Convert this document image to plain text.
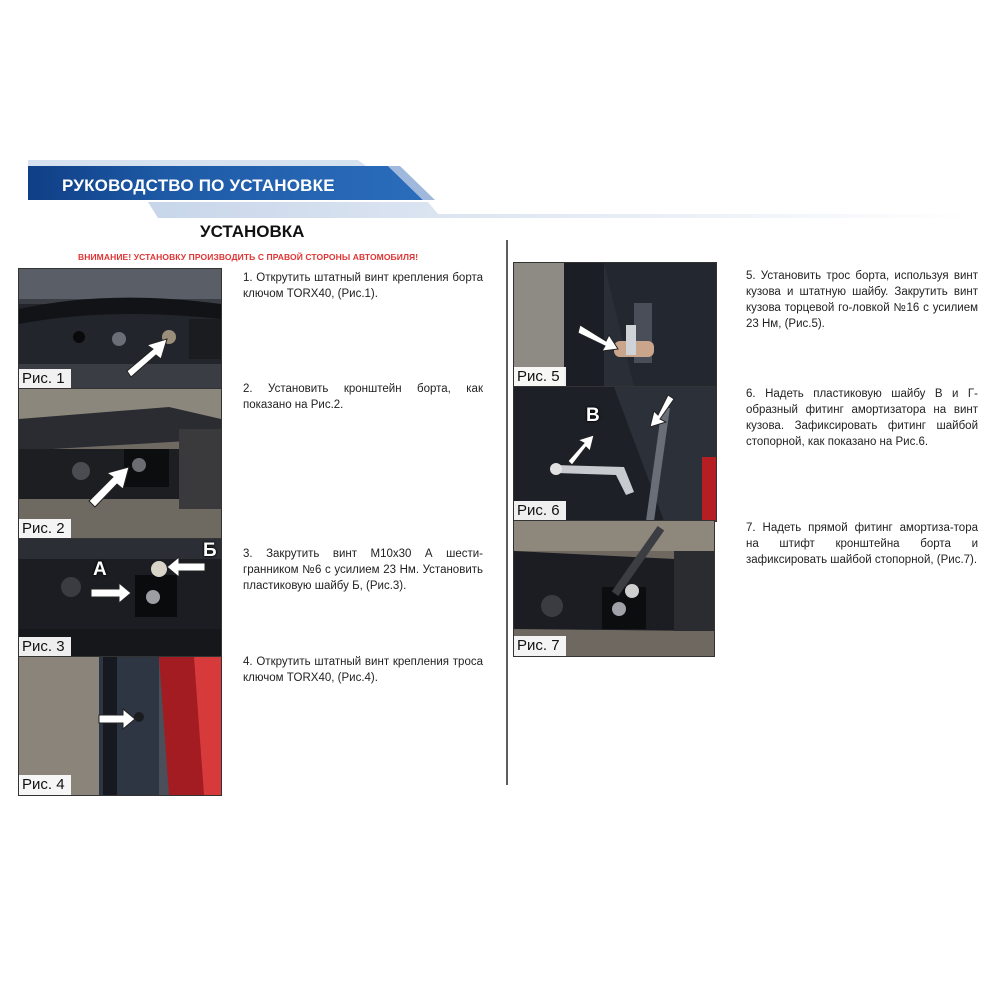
РУКОВОДСТВО ПО УСТАНОВКЕ
УСТАНОВКА
ВНИМАНИЕ! УСТАНОВКУ ПРОИЗВОДИТЬ С ПРАВОЙ СТОРОНЫ АВТОМОБИЛЯ!
Рис. 1
Рис. 2
А
Б
Рис. 3
Рис. 4
1. Открутить штатный винт крепления борта ключом TORX40, (Рис.1).
2. Установить кронштейн борта, как показано на Рис.2.
3. Закрутить винт М10х30 А шести-гранником №6 с усилием 23 Нм. Установить пластиковую шайбу Б, (Рис.3).
4. Открутить штатный винт крепления троса ключом TORX40, (Рис.4).
Рис. 5
В
Рис. 6
Рис. 7
5. Установить трос борта, используя винт кузова и штатную шайбу. Закрутить винт кузова торцевой го-ловкой №16 с усилием 23 Нм, (Рис.5).
6. Надеть пластиковую шайбу В и Г-образный фитинг амортизатора на винт кузова. Зафиксировать фитинг шайбой стопорной, как показано на Рис.6.
7. Надеть прямой фитинг амортиза-тора на штифт кронштейна борта и зафиксировать шайбой стопорной, (Рис.7).
